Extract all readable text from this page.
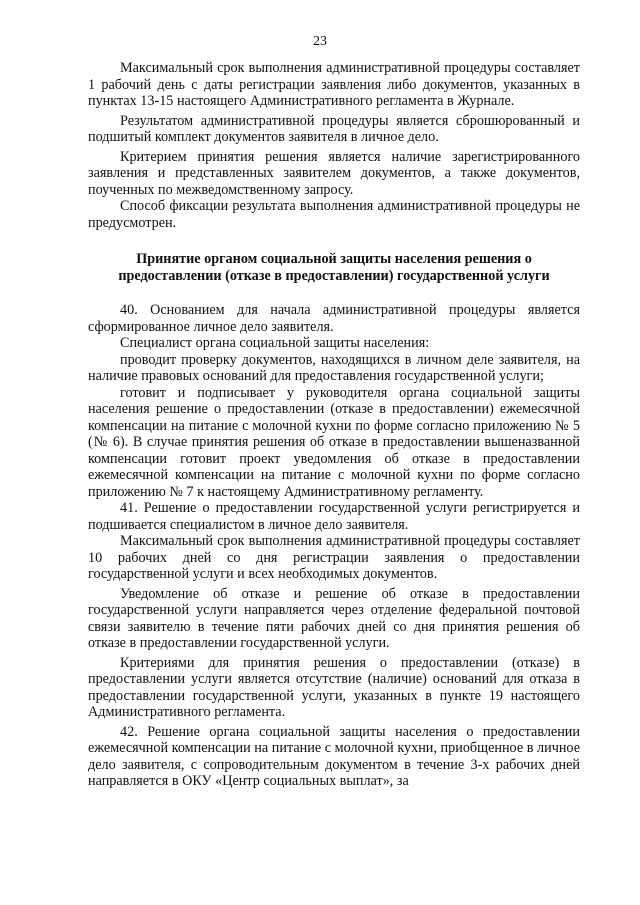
23

Максимальный срок выполнения административной процедуры составляет 1 рабочий день с даты регистрации заявления либо документов, указанных в пунктах 13-15 настоящего Административного регламента в Журнале.

Результатом административной процедуры является сброшюрованный и подшитый комплект документов заявителя в личное дело.

Критерием принятия решения является наличие зарегистрированного заявления и представленных заявителем документов, а также документов, поученных по межведомственному запросу.

Способ фиксации результата выполнения административной процедуры не предусмотрен.

Принятие органом социальной защиты населения решения о предоставлении (отказе в предоставлении) государственной услуги

40. Основанием для начала административной процедуры является сформированное личное дело заявителя.

Специалист органа социальной защиты населения:

проводит проверку документов, находящихся в личном деле заявителя, на наличие правовых оснований для предоставления государственной услуги;

готовит и подписывает у руководителя органа социальной защиты населения решение о предоставлении (отказе в предоставлении) ежемесячной компенсации на питание с молочной кухни по форме согласно приложению № 5 (№ 6). В случае принятия решения об отказе в предоставлении вышеназванной компенсации готовит проект уведомления об отказе в предоставлении ежемесячной компенсации на питание с молочной кухни по форме согласно приложению № 7 к настоящему Административному регламенту.

41. Решение о предоставлении государственной услуги регистрируется и подшивается специалистом в личное дело заявителя.

Максимальный срок выполнения административной процедуры составляет 10 рабочих дней со дня регистрации заявления о предоставлении государственной услуги и всех необходимых документов.

Уведомление об отказе и решение об отказе в предоставлении государственной услуги направляется через отделение федеральной почтовой связи заявителю в течение пяти рабочих дней со дня принятия решения об отказе в предоставлении государственной услуги.

Критериями для принятия решения о предоставлении (отказе) в предоставлении услуги является отсутствие (наличие) оснований для отказа в предоставлении государственной услуги, указанных в пункте 19 настоящего Административного регламента.

42. Решение органа социальной защиты населения о предоставлении ежемесячной компенсации на питание с молочной кухни, приобщенное в личное дело заявителя, с сопроводительным документом в течение 3-х рабочих дней направляется в ОКУ «Центр социальных выплат», за
